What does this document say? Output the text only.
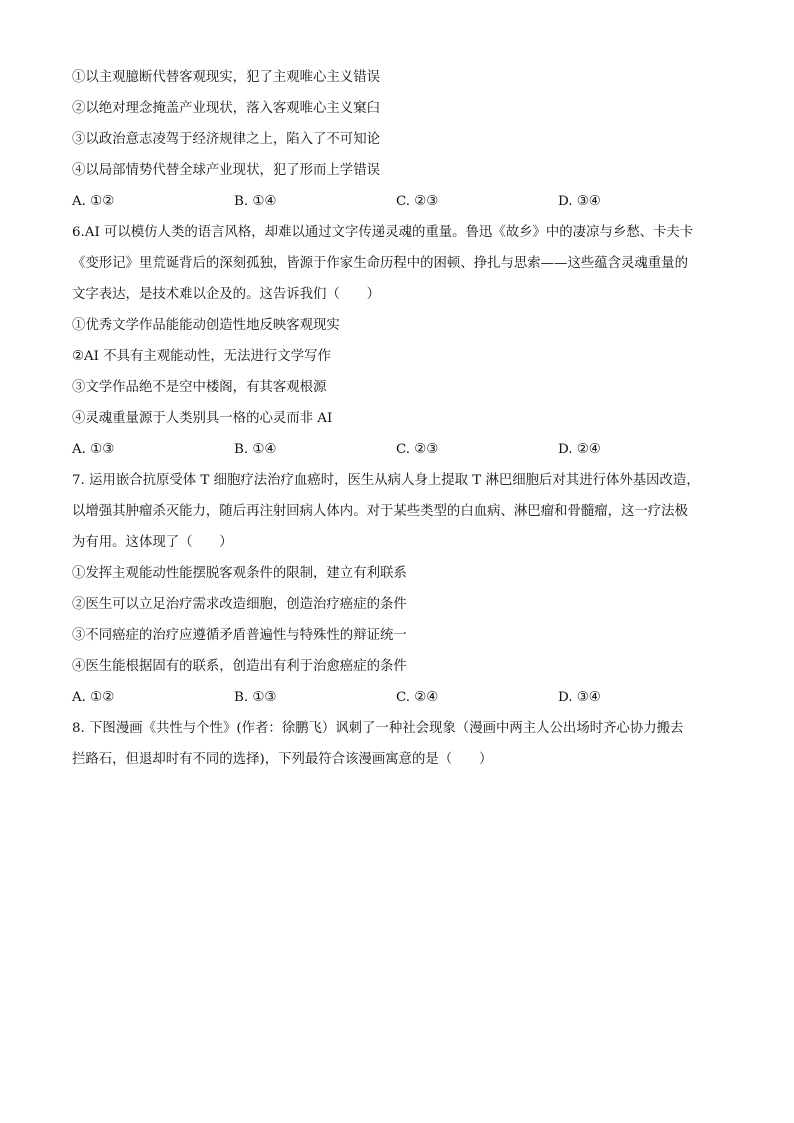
①以主观臆断代替客观现实，犯了主观唯心主义错误
②以绝对理念掩盖产业现状，落入客观唯心主义窠臼
③以政治意志凌驾于经济规律之上，陷入了不可知论
④以局部情势代替全球产业现状，犯了形而上学错误
A. ①②	B. ①④	C. ②③	D. ③④
6.AI 可以模仿人类的语言风格，却难以通过文字传递灵魂的重量。鲁迅《故乡》中的凄凉与乡愁、卡夫卡
《变形记》里荒诞背后的深刻孤独，皆源于作家生命历程中的困顿、挣扎与思索——这些蕴含灵魂重量的
文字表达，是技术难以企及的。这告诉我们（　　）
①优秀文学作品能能动创造性地反映客观现实
②AI 不具有主观能动性，无法进行文学写作
③文学作品绝不是空中楼阁，有其客观根源
④灵魂重量源于人类别具一格的心灵而非 AI
A. ①③	B. ①④	C. ②③	D. ②④
7. 运用嵌合抗原受体 T 细胞疗法治疗血癌时，医生从病人身上提取 T 淋巴细胞后对其进行体外基因改造，
以增强其肿瘤杀灭能力，随后再注射回病人体内。对于某些类型的白血病、淋巴瘤和骨髓瘤，这一疗法极
为有用。这体现了（　　）
①发挥主观能动性能摆脱客观条件的限制，建立有利联系
②医生可以立足治疗需求改造细胞，创造治疗癌症的条件
③不同癌症的治疗应遵循矛盾普遍性与特殊性的辩证统一
④医生能根据固有的联系，创造出有利于治愈癌症的条件
A. ①②	B. ①③	C. ②④	D. ③④
8. 下图漫画《共性与个性》(作者：徐鹏飞）讽刺了一种社会现象（漫画中两主人公出场时齐心协力搬去
拦路石，但退却时有不同的选择)，下列最符合该漫画寓意的是（　　）
